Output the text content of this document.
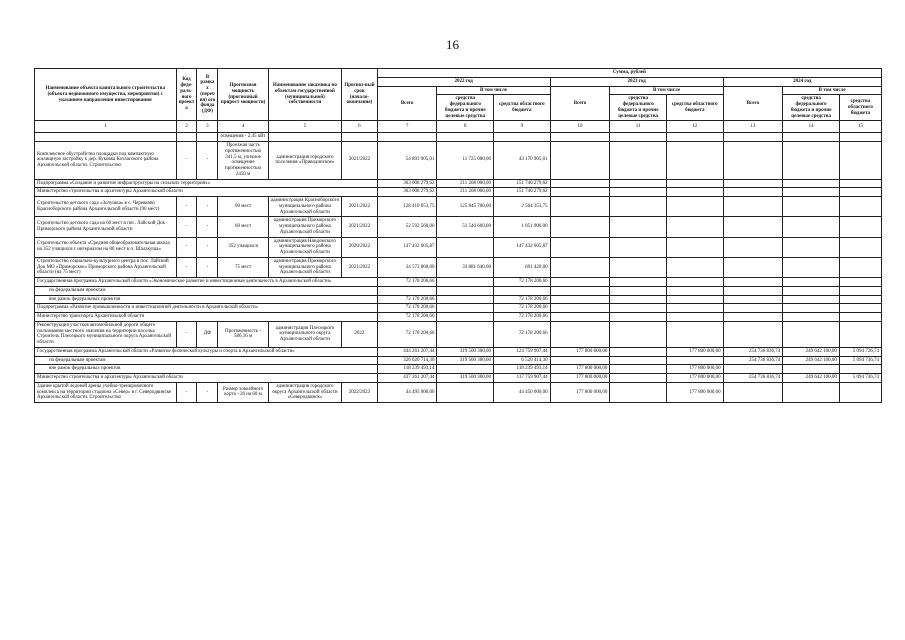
16
Наименование объекта капитального строительства (объекта недвижимого имущества, мероприятия) с указанием направления инвестирования	Код феде-раль-ного проекта	В рамках (перечня) ого фонда (ДФ)	Прогнозная мощность (прогнозный прирост мощности)	Наименование заказчика по объектам государственной (муниципальной) собственности	Прогноз-ный срок (начало-окончание)	Сумма, рублей								
						2022 год			2023 год			2024 год		
						Всего	В том числе		Всего	В том числе		Всего	В том числе	
							средства федерального бюджета и прочие целевые средства	средства областного бюджета		средства федерального бюджета и прочие целевые средства	средства областного бюджета		средства федерального бюджета и прочие целевые средства	средства областного бюджета
1	2	3	4	5	6	7	8	9	10	11	12	13	14	15
			освещения - 2,45 кВт											
Комплексное обустройство площадки под компактную жилищную застройку к дер. Куковка Котласского района Архангельской области. Строительство	-	-	Проезжая часть протяженностью 341,5 м, уличное освещение протяженностью 2450 м	администрация городского поселения «Приводинское»	2021/2022	54 893 905,01	11 725 000,00	43 170 905,01						
Подпрограмма «Создание и развитие инфраструктуры на сельских территориях»						363 008 279,62	211 268 000,00	151 740 279,62						
Министерство строительства и архитектуры Архангельской области						363 008 279,62	211 268 000,00	151 740 279,62						
Строительство детского сада «Золушка» в с. Черевково Красноборского района Архангельской области (90 мест)	-	-	90 мест	администрация Красноборского муниципального района Архангельской области	2021/2022	128 410 053,75	125 845 700,00	2 564 353,75						
Строительство детского сада на 60 мест в пос. Лайский Док Приморского района Архангельской области	-	-	60 мест	администрация Приморского муниципального района Архангельской области	2021/2022	52 592 560,00	51 540 660,00	1 051 900,00						
Строительство объекта «Средняя общеобразовательная школа на 352 учащихся с интернатом на 80 мест в п. Шалакуша»	-	-	352 учащихся	администрация Няндомского муниципального района Архангельской области	2020/2022	147 432 605,87		147 432 605,87						
Строительство социально-культурного центра в пос. Лайский Док МО «Приморское» Приморского района Архангельской области (на 75 мест)	-	-	75 мест	администрация Приморского муниципального района Архангельской области	2021/2022	34 573 060,00	33 881 640,00	691 420,00						
Государственная программа Архангельской области «Экономическое развитие и инвестиционная деятельность в Архангельской области»						72 178 200,66		72 178 200,66						
по федеральным проектам														
вне рамок федеральных проектов						72 178 200,66		72 178 200,66						
Подпрограмма «Развитие промышленности и инвестиционной деятельности в Архангельской области»						72 178 200,66		72 178 200,66						
Министерство транспорта Архангельской области						72 178 200,66		72 178 200,66						
Реконструкция участков автомобильной дороги общего пользования местного значения на территории поселка Строитель Плесецкого муниципального округа Архангельской области	-	ДФ	Протяженность - 586,16 м	администрация Плесецкого муниципального округа Архангельской области	2022	72 178 200,66		72 178 200,66						
Государственная программа Архангельской области «Развитие физической культуры и спорта в Архангельской области»						444 261 207,44	319 500 300,00	124 759 907,44	177 800 000,00		177 800 000,00	254 736 836,74	249 642 100,00	5 094 736,74
по федеральным проектам						326 020 714,30	319 500 300,00	6 520 414,30				254 736 836,74	249 642 100,00	5 094 736,74
вне рамок федеральных проектов						118 239 493,14		118 239 493,14	177 800 000,00		177 800 000,00			
Министерство строительства и архитектуры Архангельской области						437 261 207,44	319 500 300,00	117 759 907,44	177 800 000,00		177 800 000,00	254 736 836,74	249 642 100,00	5 094 736,74
Здание крытой ледовой арены учебно-тренировочного комплекса на территории стадиона «Север» в г. Северодвинске Архангельской области. Строительство	-	-	Размер хоккейного корта - 26 на 60 м	администрация городского округа Архангельской области «Северодвинск»	2022/2023	44 495 000,00		44 450 000,00	177 800 000,00		177 800 000,00			
